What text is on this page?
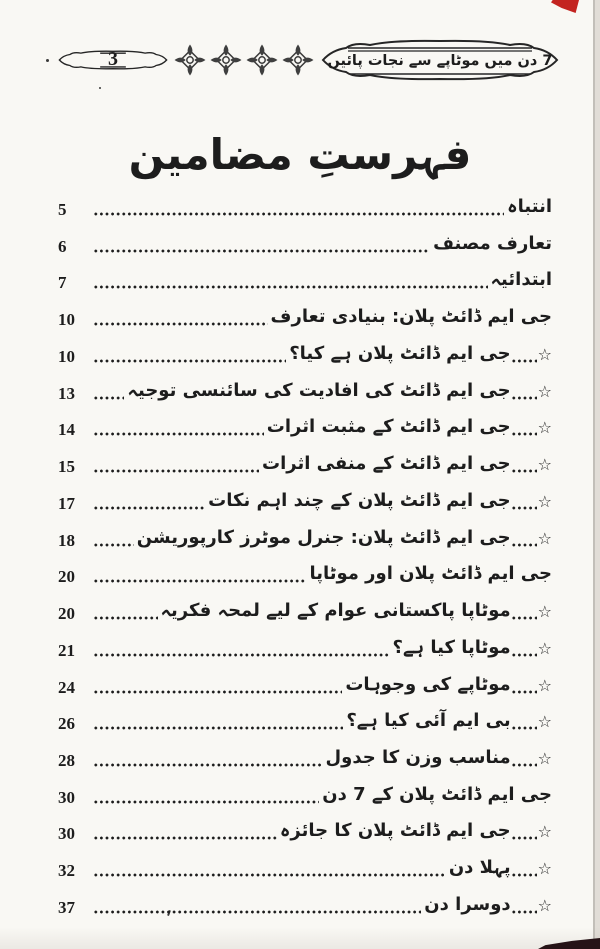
3	7 دن میں موٹاپے سے نجات پائیں
فہرستِ مضامین
انتباہ
5
تعارف مصنف
6
ابتدائیہ
7
جی ایم ڈائٹ پلان: بنیادی تعارف
10
☆
جی ایم ڈائٹ پلان ہے کیا؟
10
☆
جی ایم ڈائٹ کی افادیت کی سائنسی توجیہ
13
☆
جی ایم ڈائٹ کے مثبت اثرات
14
☆
جی ایم ڈائٹ کے منفی اثرات
15
☆
جی ایم ڈائٹ پلان کے چند اہم نکات
17
☆
جی ایم ڈائٹ پلان: جنرل موٹرز کارپوریشن
18
جی ایم ڈائٹ پلان اور موٹاپا
20
☆
موٹاپا پاکستانی عوام کے لیے لمحہ فکریہ
20
☆
موٹاپا کیا ہے؟
21
☆
موٹاپے کی وجوہات
24
☆
بی ایم آئی کیا ہے؟
26
☆
مناسب وزن کا جدول
28
جی ایم ڈائٹ پلان کے 7 دن
30
☆
جی ایم ڈائٹ پلان کا جائزہ
30
☆
پہلا دن
32
☆
دوسرا دن
37
